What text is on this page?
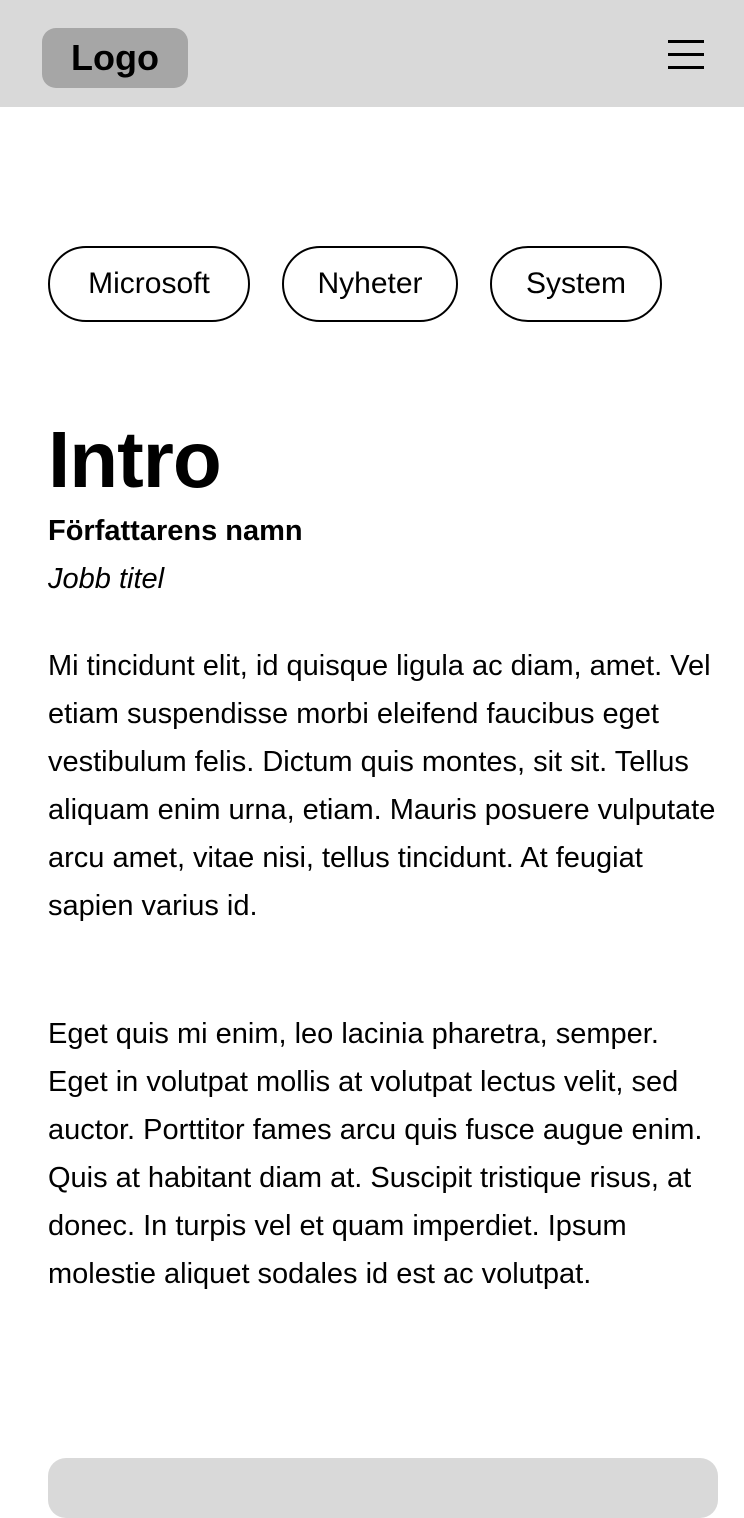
Logo
Microsoft	Nyheter	System
Intro
Författarens namn
Jobb titel

Mi tincidunt elit, id quisque ligula ac diam, amet. Vel etiam suspendisse morbi eleifend faucibus eget vestibulum felis. Dictum quis montes, sit sit. Tellus aliquam enim urna, etiam. Mauris posuere vulputate arcu amet, vitae nisi, tellus tincidunt. At feugiat sapien varius id.

Eget quis mi enim, leo lacinia pharetra, semper. Eget in volutpat mollis at volutpat lectus velit, sed auctor. Porttitor fames arcu quis fusce augue enim. Quis at habitant diam at. Suscipit tristique risus, at donec. In turpis vel et quam imperdiet. Ipsum molestie aliquet sodales id est ac volutpat.
